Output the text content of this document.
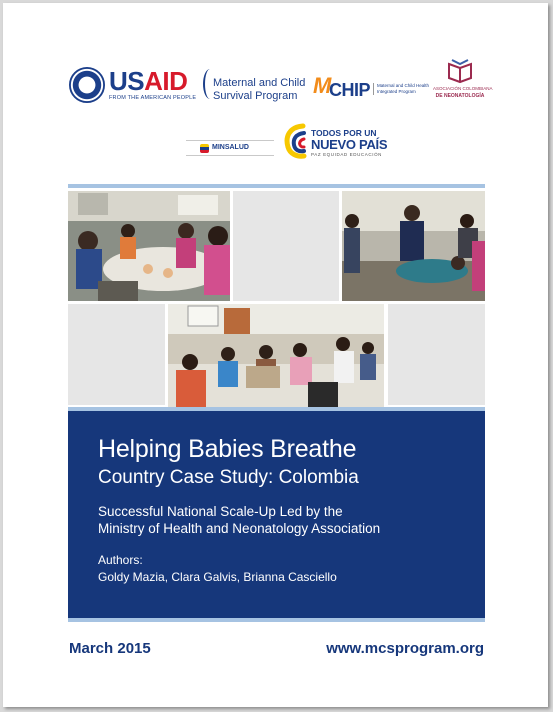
USAID
FROM THE AMERICAN PEOPLE
Maternal and Child
Survival Program M
CHIP	Maternal and Child Health Integrated Program
ASOCIACIÓN COLOMBIANA
DE NEONATOLOGÍA
MINSALUD
TODOS POR UN
NUEVO PAÍS
PAZ EQUIDAD EDUCACIÓN
Helping Babies Breathe
Country Case Study: Colombia
Successful National Scale-Up Led by the
Ministry of Health and Neonatology Association
Authors:
Goldy Mazia, Clara Galvis, Brianna Casciello
March 2015	www.mcsprogram.org
